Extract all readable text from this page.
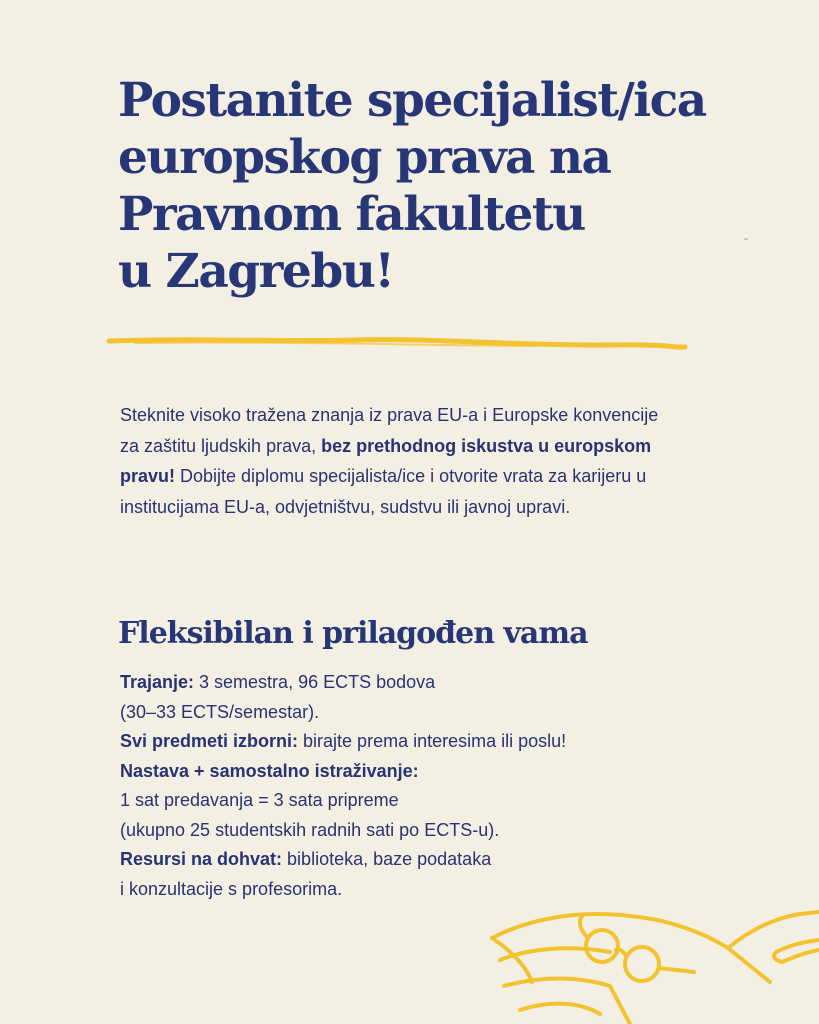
Postanite specijalist/ica
europskog prava na
Pravnom fakultetu
u Zagrebu!

Steknite visoko tražena znanja iz prava EU-a i Europske konvencije za zaštitu ljudskih prava, bez prethodnog iskustva u europskom pravu! Dobijte diplomu specijalista/ice i otvorite vrata za karijeru u institucijama EU-a, odvjetništvu, sudstvu ili javnoj upravi.

Fleksibilan i prilagođen vama
Trajanje: 3 semestra, 96 ECTS bodova
(30–33 ECTS/semestar).
Svi predmeti izborni: birajte prema interesima ili poslu!
Nastava + samostalno istraživanje:
1 sat predavanja = 3 sata pripreme
(ukupno 25 studentskih radnih sati po ECTS-u).
Resursi na dohvat: biblioteka, baze podataka
i konzultacije s profesorima.
